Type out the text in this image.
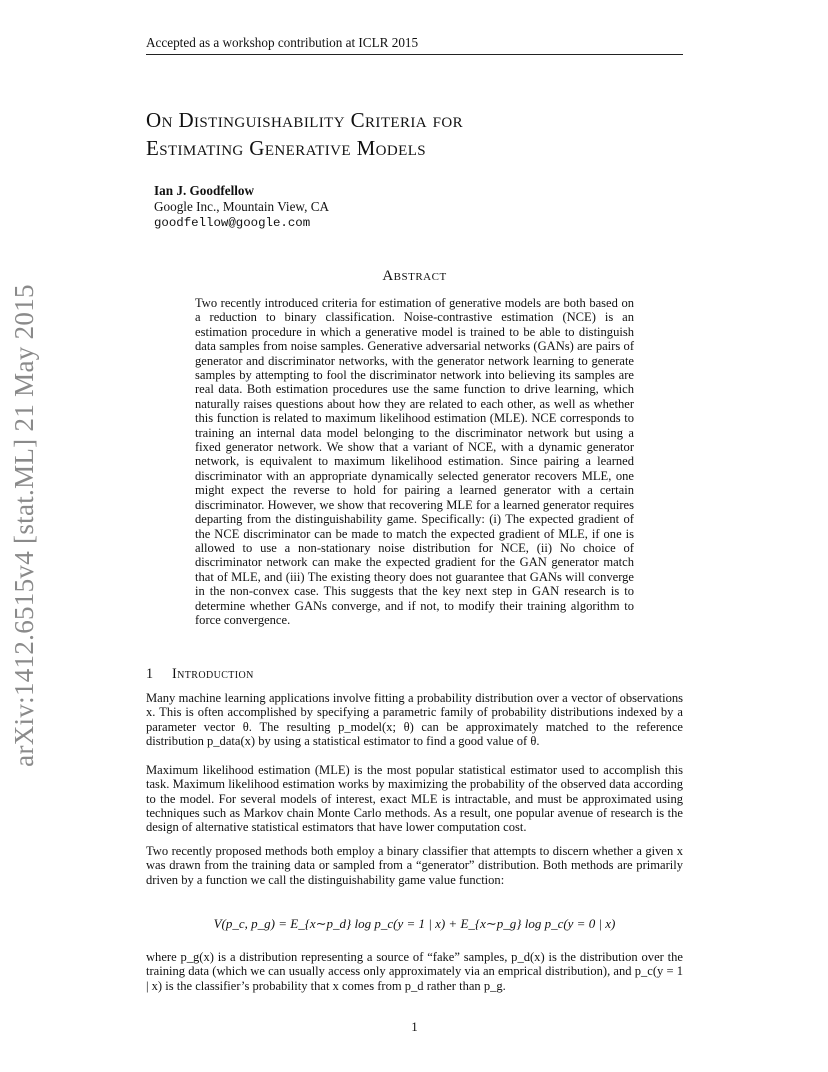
arXiv:1412.6515v4 [stat.ML] 21 May 2015
Accepted as a workshop contribution at ICLR 2015
On Distinguishability Criteria for
Estimating Generative Models
Ian J. Goodfellow
Google Inc., Mountain View, CA
goodfellow@google.com
Abstract

Two recently introduced criteria for estimation of generative models are both based on a reduction to binary classification. Noise-contrastive estimation (NCE) is an estimation procedure in which a generative model is trained to be able to distinguish data samples from noise samples. Generative adversarial networks (GANs) are pairs of generator and discriminator networks, with the generator network learning to generate samples by attempting to fool the discriminator network into believing its samples are real data. Both estimation procedures use the same function to drive learning, which naturally raises questions about how they are related to each other, as well as whether this function is related to maximum likelihood estimation (MLE). NCE corresponds to training an internal data model belonging to the discriminator network but using a fixed generator network. We show that a variant of NCE, with a dynamic generator network, is equivalent to maximum likelihood estimation. Since pairing a learned discriminator with an appropriate dynamically selected generator recovers MLE, one might expect the reverse to hold for pairing a learned generator with a certain discriminator. However, we show that recovering MLE for a learned generator requires departing from the distinguishability game. Specifically: (i) The expected gradient of the NCE discriminator can be made to match the expected gradient of MLE, if one is allowed to use a non-stationary noise distribution for NCE, (ii) No choice of discriminator network can make the expected gradient for the GAN generator match that of MLE, and (iii) The existing theory does not guarantee that GANs will converge in the non-convex case. This suggests that the key next step in GAN research is to determine whether GANs converge, and if not, to modify their training algorithm to force convergence.

1 Introduction

Many machine learning applications involve fitting a probability distribution over a vector of observations x. This is often accomplished by specifying a parametric family of probability distributions indexed by a parameter vector θ. The resulting p_model(x; θ) can be approximately matched to the reference distribution p_data(x) by using a statistical estimator to find a good value of θ.

Maximum likelihood estimation (MLE) is the most popular statistical estimator used to accomplish this task. Maximum likelihood estimation works by maximizing the probability of the observed data according to the model. For several models of interest, exact MLE is intractable, and must be approximated using techniques such as Markov chain Monte Carlo methods. As a result, one popular avenue of research is the design of alternative statistical estimators that have lower computation cost.

Two recently proposed methods both employ a binary classifier that attempts to discern whether a given x was drawn from the training data or sampled from a “generator” distribution. Both methods are primarily driven by a function we call the distinguishability game value function:

V(p_c, p_g) = E_{x∼p_d} log p_c(y = 1 | x) + E_{x∼p_g} log p_c(y = 0 | x)

where p_g(x) is a distribution representing a source of “fake” samples, p_d(x) is the distribution over the training data (which we can usually access only approximately via an emprical distribution), and p_c(y = 1 | x) is the classifier’s probability that x comes from p_d rather than p_g.

1
